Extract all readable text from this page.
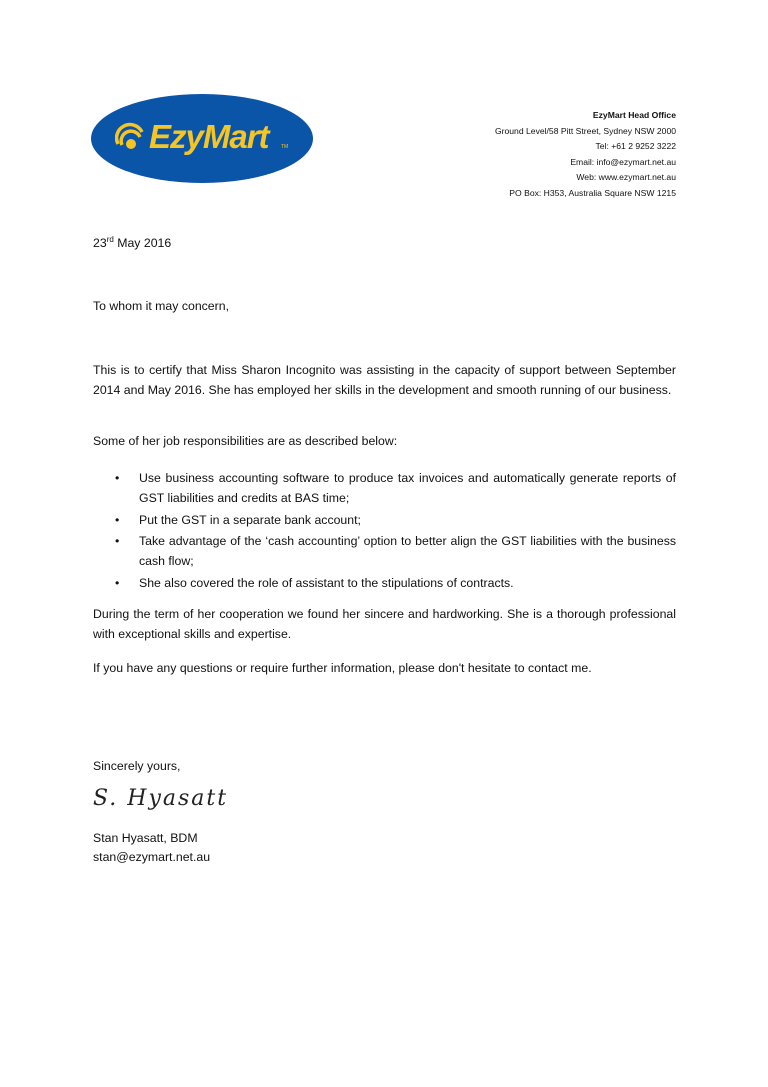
EzyMart TM
EzyMart Head Office
Ground Level/58 Pitt Street, Sydney NSW 2000
Tel: +61 2 9252 3222
Email: info@ezymart.net.au
Web: www.ezymart.net.au
PO Box: H353, Australia Square NSW 1215
23rd May 2016
To whom it may concern,
This is to certify that Miss Sharon Incognito was assisting in the capacity of support between September 2014 and May 2016. She has employed her skills in the development and smooth running of our business.
Some of her job responsibilities are as described below:
• Use business accounting software to produce tax invoices and automatically generate reports of GST liabilities and credits at BAS time;
• Put the GST in a separate bank account;
• Take advantage of the ‘cash accounting’ option to better align the GST liabilities with the business cash flow;
• She also covered the role of assistant to the stipulations of contracts.
During the term of her cooperation we found her sincere and hardworking. She is a thorough professional with exceptional skills and expertise.
If you have any questions or require further information, please don't hesitate to contact me.
Sincerely yours,
S. Hyasatt
Stan Hyasatt, BDM
stan@ezymart.net.au
